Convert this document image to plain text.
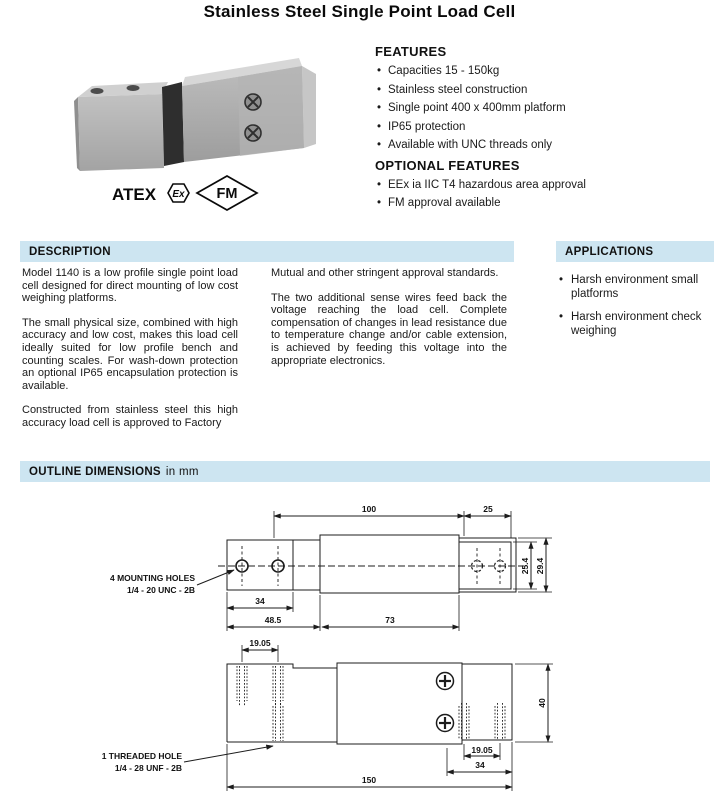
Stainless Steel Single Point Load Cell
ATEX Ex FM
FEATURES
• Capacities 15 - 150kg
• Stainless steel construction
• Single point 400 x 400mm platform
• IP65 protection
• Available with UNC threads only
OPTIONAL FEATURES
• EEx ia IIC T4 hazardous area approval
• FM approval available
DESCRIPTION

Model 1140 is a low profile single point load cell designed for direct mounting of low cost weighing platforms.

The small physical size, combined with high accuracy and low cost, makes this load cell ideally suited for low profile bench and counting scales. For wash-down protection an optional IP65 encapsulation protection is available.

Constructed from stainless steel this high accuracy load cell is approved to Factory

Mutual and other stringent approval standards.

The two additional sense wires feed back the voltage reaching the load cell. Complete compensation of changes in lead resistance due to temperature change and/or cable extension, is achieved by feeding this voltage into the appropriate electronics.

APPLICATIONS
• Harsh environment small platforms
• Harsh environment check weighing
OUTLINE DIMENSIONS in mm
100	25
25.4 29.4
34
48.5	73
4 MOUNTING HOLES
1/4 - 20 UNC - 2B
19.05
40
19.05
34
150
1 THREADED HOLE
1/4 - 28 UNF - 2B
